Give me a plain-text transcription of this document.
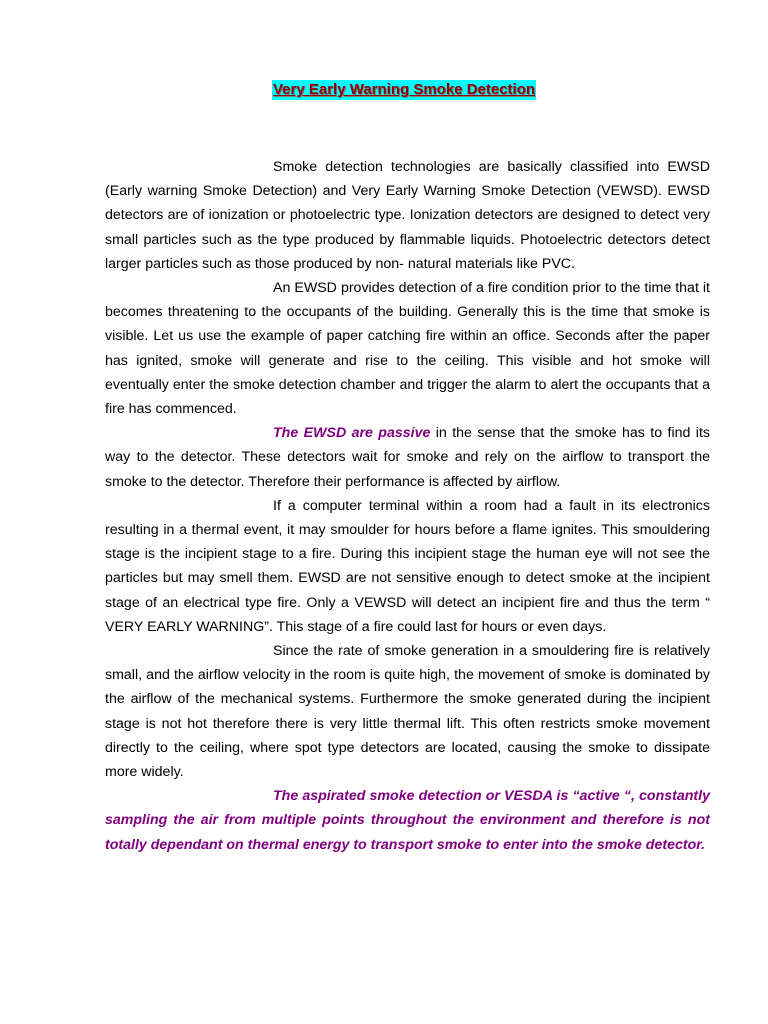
Very Early Warning Smoke Detection

Smoke detection technologies are basically classified into EWSD (Early warning Smoke Detection) and Very Early Warning Smoke Detection (VEWSD). EWSD detectors are of ionization or photoelectric type. Ionization detectors are designed to detect very small particles such as the type produced by flammable liquids. Photoelectric detectors detect larger particles such as those produced by non- natural materials like PVC.

An EWSD provides detection of a fire condition prior to the time that it becomes threatening to the occupants of the building. Generally this is the time that smoke is visible. Let us use the example of paper catching fire within an office. Seconds after the paper has ignited, smoke will generate and rise to the ceiling. This visible and hot smoke will eventually enter the smoke detection chamber and trigger the alarm to alert the occupants that a fire has commenced.

The EWSD are passive in the sense that the smoke has to find its way to the detector. These detectors wait for smoke and rely on the airflow to transport the smoke to the detector. Therefore their performance is affected by airflow.

If a computer terminal within a room had a fault in its electronics resulting in a thermal event, it may smoulder for hours before a flame ignites. This smouldering stage is the incipient stage to a fire. During this incipient stage the human eye will not see the particles but may smell them. EWSD are not sensitive enough to detect smoke at the incipient stage of an electrical type fire. Only a VEWSD will detect an incipient fire and thus the term “ VERY EARLY WARNING”. This stage of a fire could last for hours or even days.

Since the rate of smoke generation in a smouldering fire is relatively small, and the airflow velocity in the room is quite high, the movement of smoke is dominated by the airflow of the mechanical systems. Furthermore the smoke generated during the incipient stage is not hot therefore there is very little thermal lift. This often restricts smoke movement directly to the ceiling, where spot type detectors are located, causing the smoke to dissipate more widely.

The aspirated smoke detection or VESDA is “active “, constantly sampling the air from multiple points throughout the environment and therefore is not totally dependant on thermal energy to transport smoke to enter into the smoke detector.
